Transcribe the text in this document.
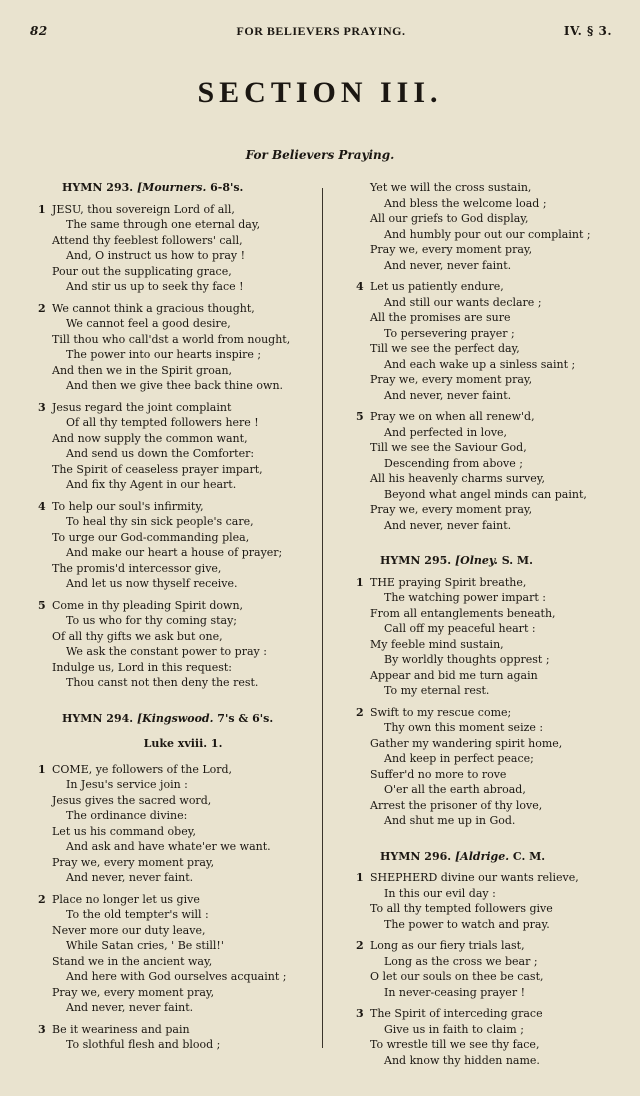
82	FOR BELIEVERS PRAYING.	IV. § 3.
SECTION III.
For Believers Praying.
HYMN 293. [Mourners. 6-8's.
1 JESU, thou sovereign Lord of all,
The same through one eternal day,
Attend thy feeblest followers' call,
And, O instruct us how to pray !
Pour out the supplicating grace,
And stir us up to seek thy face !
2 We cannot think a gracious thought,
We cannot feel a good desire,
Till thou who call'dst a world from nought,
The power into our hearts inspire ;
And then we in the Spirit groan,
And then we give thee back thine own.
3 Jesus regard the joint complaint
Of all thy tempted followers here !
And now supply the common want,
And send us down the Comforter:
The Spirit of ceaseless prayer impart,
And fix thy Agent in our heart.
4 To help our soul's infirmity,
To heal thy sin sick people's care,
To urge our God-commanding plea,
And make our heart a house of prayer;
The promis'd intercessor give,
And let us now thyself receive.
5 Come in thy pleading Spirit down,
To us who for thy coming stay;
Of all thy gifts we ask but one,
We ask the constant power to pray :
Indulge us, Lord in this request:
Thou canst not then deny the rest.
HYMN 294. [Kingswood. 7's & 6's.
Luke xviii. 1.
1 COME, ye followers of the Lord,
In Jesu's service join :
Jesus gives the sacred word,
The ordinance divine:
Let us his command obey,
And ask and have whate'er we want.
Pray we, every moment pray,
And never, never faint.
2 Place no longer let us give
To the old tempter's will :
Never more our duty leave,
While Satan cries, ' Be still!'
Stand we in the ancient way,
And here with God ourselves acquaint ;
Pray we, every moment pray,
And never, never faint.
3 Be it weariness and pain
To slothful flesh and blood ;
Yet we will the cross sustain,
And bless the welcome load ;
All our griefs to God display,
And humbly pour out our complaint ;
Pray we, every moment pray,
And never, never faint.
4 Let us patiently endure,
And still our wants declare ;
All the promises are sure
To persevering prayer ;
Till we see the perfect day,
And each wake up a sinless saint ;
Pray we, every moment pray,
And never, never faint.
5 Pray we on when all renew'd,
And perfected in love,
Till we see the Saviour God,
Descending from above ;
All his heavenly charms survey,
Beyond what angel minds can paint,
Pray we, every moment pray,
And never, never faint.
HYMN 295. [Olney. S. M.
1 THE praying Spirit breathe,
The watching power impart :
From all entanglements beneath,
Call off my peaceful heart :
My feeble mind sustain,
By worldly thoughts opprest ;
Appear and bid me turn again
To my eternal rest.
2 Swift to my rescue come;
Thy own this moment seize :
Gather my wandering spirit home,
And keep in perfect peace;
Suffer'd no more to rove
O'er all the earth abroad,
Arrest the prisoner of thy love,
And shut me up in God.
HYMN 296. [Aldrige. C. M.
1 SHEPHERD divine our wants relieve,
In this our evil day :
To all thy tempted followers give
The power to watch and pray.
2 Long as our fiery trials last,
Long as the cross we bear ;
O let our souls on thee be cast,
In never-ceasing prayer !
3 The Spirit of interceding grace
Give us in faith to claim ;
To wrestle till we see thy face,
And know thy hidden name.
